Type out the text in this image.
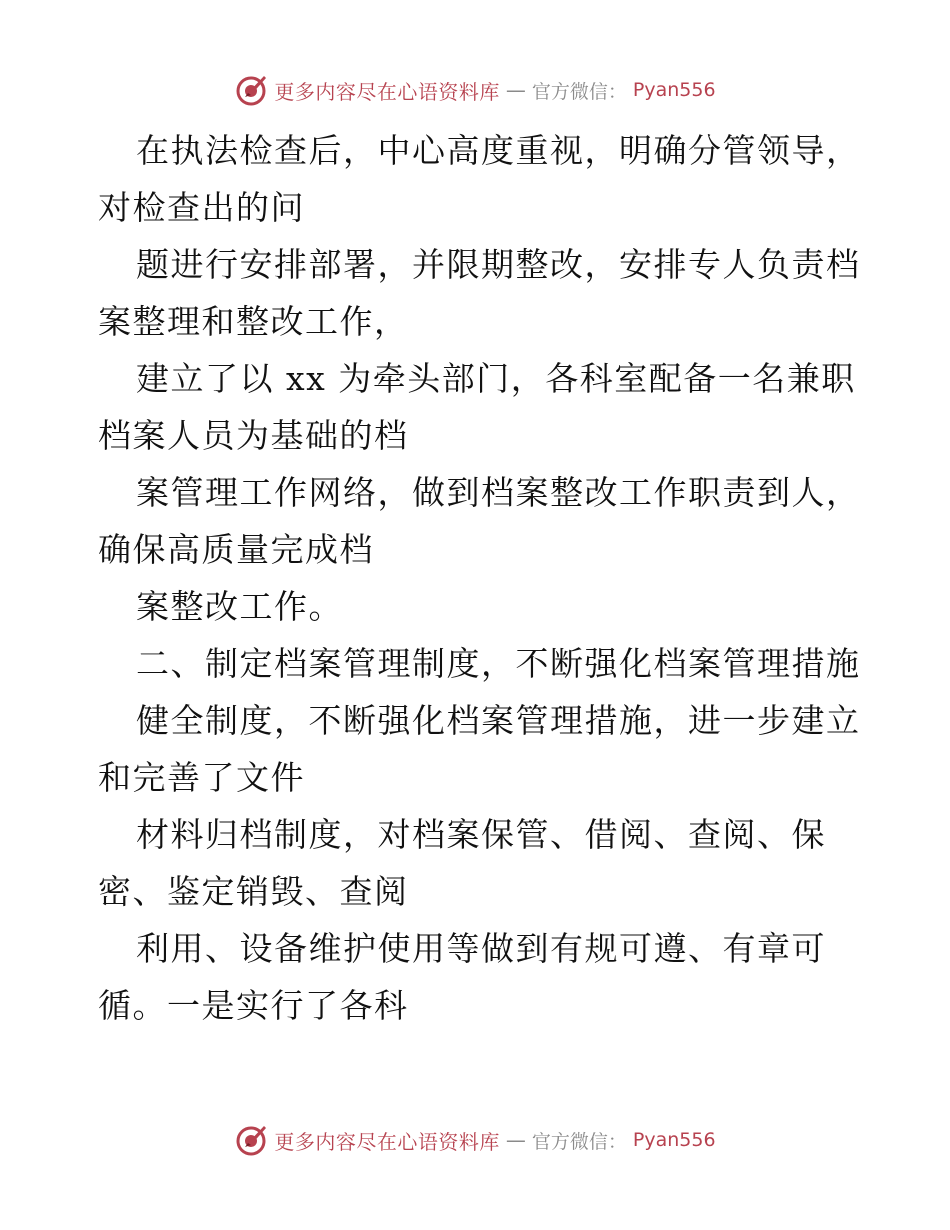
更多内容尽在心语资料库 — 官方微信： Pyan556
在执法检查后，中心高度重视，明确分管领导，
对检查出的问
题进行安排部署，并限期整改，安排专人负责档
案整理和整改工作，
建立了以 xx 为牵头部门，各科室配备一名兼职
档案人员为基础的档
案管理工作网络，做到档案整改工作职责到人，
确保高质量完成档
案整改工作。
二、制定档案管理制度，不断强化档案管理措施
健全制度，不断强化档案管理措施，进一步建立
和完善了文件
材料归档制度，对档案保管、借阅、查阅、保
密、鉴定销毁、查阅
利用、设备维护使用等做到有规可遵、有章可
循。一是实行了各科
更多内容尽在心语资料库 — 官方微信： Pyan556
